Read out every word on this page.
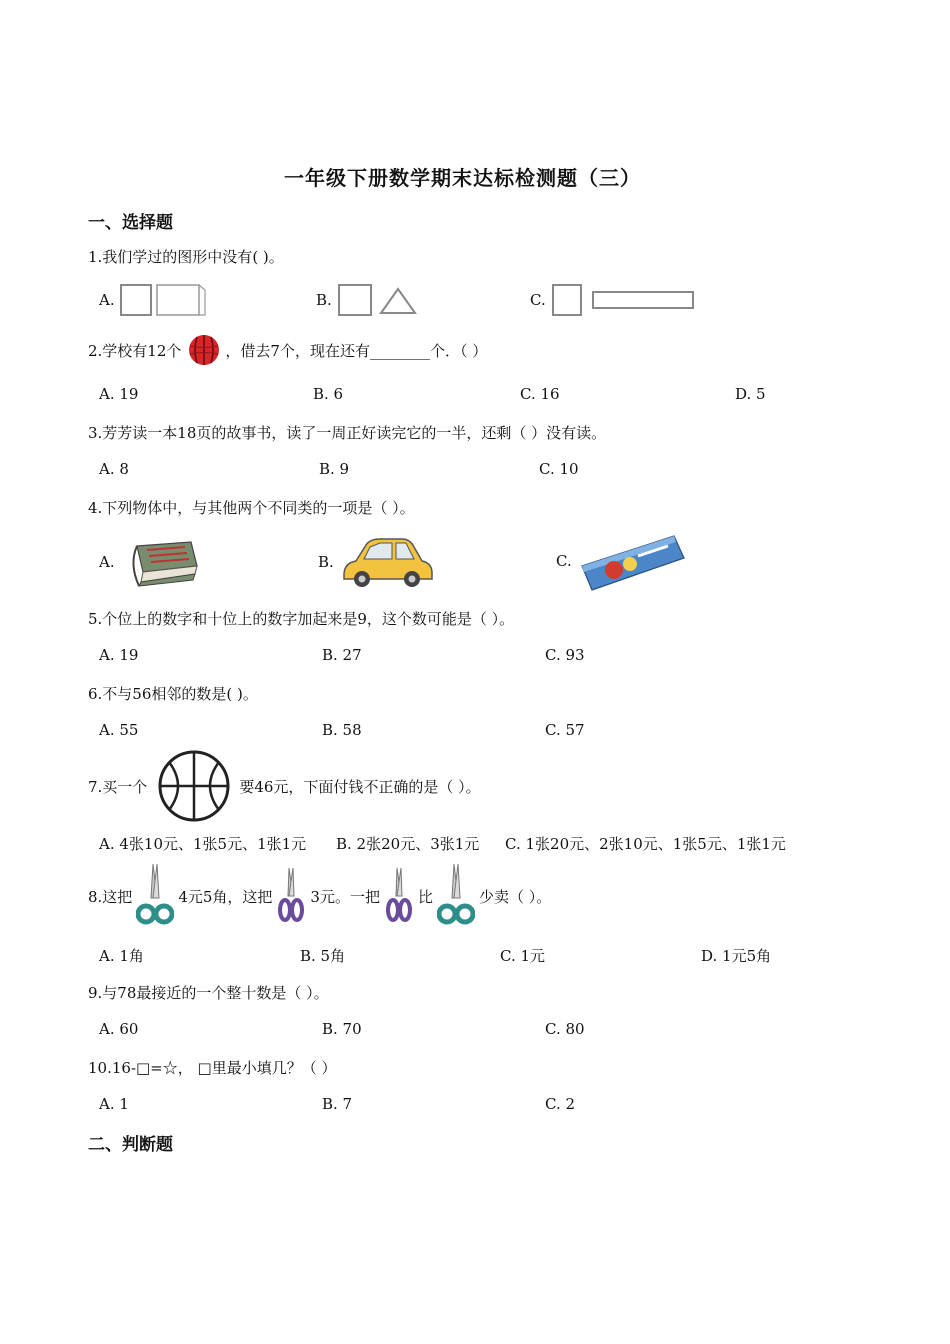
一年级下册数学期末达标检测题（三）
一、选择题
1.我们学过的图形中没有( )。
A.	B.	C.
2.学校有12个	，借去7个，现在还有________个．（ ）
A. 19	B. 6	C. 16	D. 5
3.芳芳读一本18页的故事书，读了一周正好读完它的一半，还剩（ ）没有读。
A. 8	B. 9	C. 10
4.下列物体中，与其他两个不同类的一项是（ ）。
A.	B.	C.
5.个位上的数字和十位上的数字加起来是9，这个数可能是（ ）。
A. 19	B. 27	C. 93
6.不与56相邻的数是( )。
A. 55	B. 58	C. 57
7.买一个	要46元，下面付钱不正确的是（ ）。
A. 4张10元、1张5元、1张1元 B. 2张20元、3张1元 C. 1张20元、2张10元、1张5元、1张1元
8.这把	4元5角，这把	3元。一把	比	少卖（ ）。
A. 1角	B. 5角	C. 1元	D. 1元5角
9.与78最接近的一个整十数是（ ）。
A. 60	B. 70	C. 80
10.16-□=☆， □里最小填几？（ ）
A. 1	B. 7	C. 2
二、判断题
